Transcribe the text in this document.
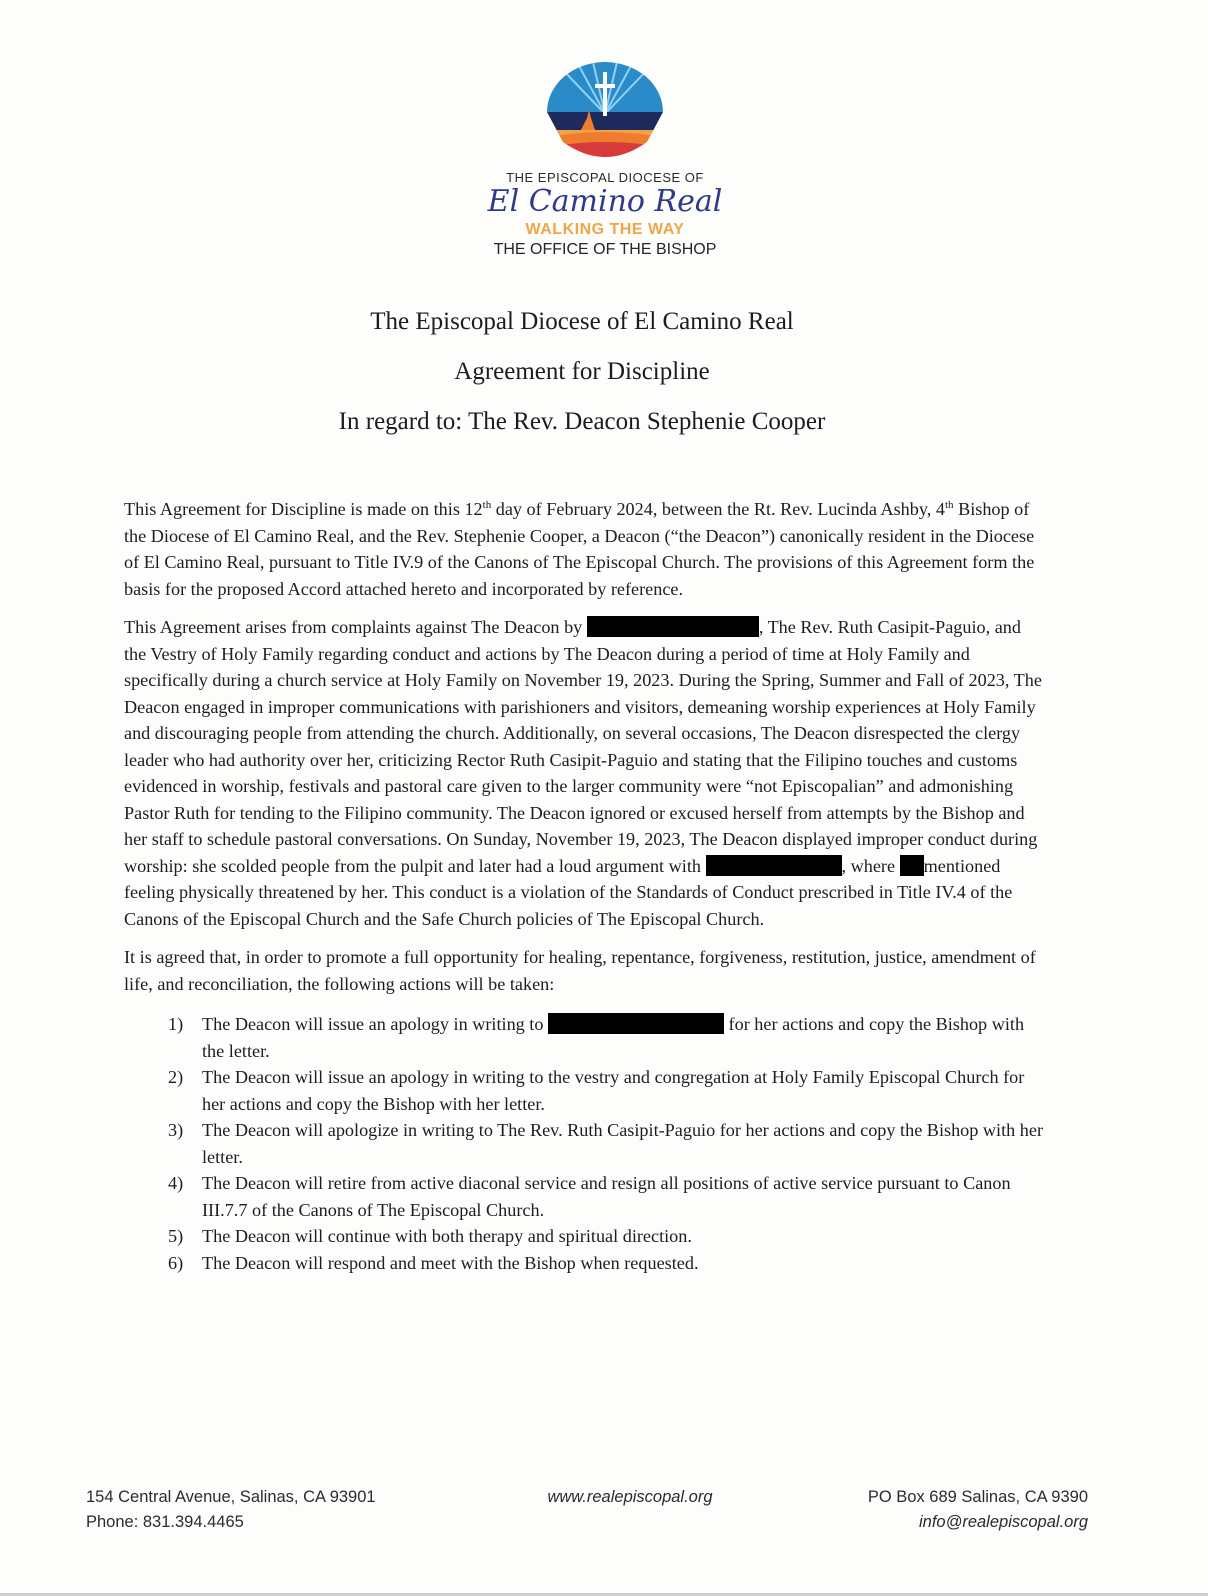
THE EPISCOPAL DIOCESE OF
El Camino Real
WALKING THE WAY
THE OFFICE OF THE BISHOP
The Episcopal Diocese of El Camino Real
Agreement for Discipline
In regard to: The Rev. Deacon Stephenie Cooper

This Agreement for Discipline is made on this 12th day of February 2024, between the Rt. Rev. Lucinda Ashby, 4th Bishop of the Diocese of El Camino Real, and the Rev. Stephenie Cooper, a Deacon (“the Deacon”) canonically resident in the Diocese of El Camino Real, pursuant to Title IV.9 of the Canons of The Episcopal Church. The provisions of this Agreement form the basis for the proposed Accord attached hereto and incorporated by reference.

This Agreement arises from complaints against The Deacon by	, The Rev. Ruth Casipit-Paguio, and the Vestry of Holy Family regarding conduct and actions by The Deacon during a period of time at Holy Family and specifically during a church service at Holy Family on November 19, 2023. During the Spring, Summer and Fall of 2023, The Deacon engaged in improper communications with parishioners and visitors, demeaning worship experiences at Holy Family and discouraging people from attending the church. Additionally, on several occasions, The Deacon disrespected the clergy leader who had authority over her, criticizing Rector Ruth Casipit-Paguio and stating that the Filipino touches and customs evidenced in worship, festivals and pastoral care given to the larger community were “not Episcopalian” and admonishing Pastor Ruth for tending to the Filipino community. The Deacon ignored or excused herself from attempts by the Bishop and her staff to schedule pastoral conversations. On Sunday, November 19, 2023, The Deacon displayed improper conduct during worship: she scolded people from the pulpit and later had a loud argument with	, where mentioned feeling physically threatened by her. This conduct is a violation of the Standards of Conduct prescribed in Title IV.4 of the Canons of the Episcopal Church and the Safe Church policies of The Episcopal Church.

It is agreed that, in order to promote a full opportunity for healing, repentance, forgiveness, restitution, justice, amendment of life, and reconciliation, the following actions will be taken:

1) The Deacon will issue an apology in writing to	for her actions and copy the Bishop with the letter.
2) The Deacon will issue an apology in writing to the vestry and congregation at Holy Family Episcopal Church for her actions and copy the Bishop with her letter.
3) The Deacon will apologize in writing to The Rev. Ruth Casipit-Paguio for her actions and copy the Bishop with her letter.
4) The Deacon will retire from active diaconal service and resign all positions of active service pursuant to Canon III.7.7 of the Canons of The Episcopal Church.
5) The Deacon will continue with both therapy and spiritual direction.
6) The Deacon will respond and meet with the Bishop when requested.
154 Central Avenue, Salinas, CA 93901
Phone: 831.394.4465
www.realepiscopal.org	PO Box 689 Salinas, CA 9390
info@realepiscopal.org
